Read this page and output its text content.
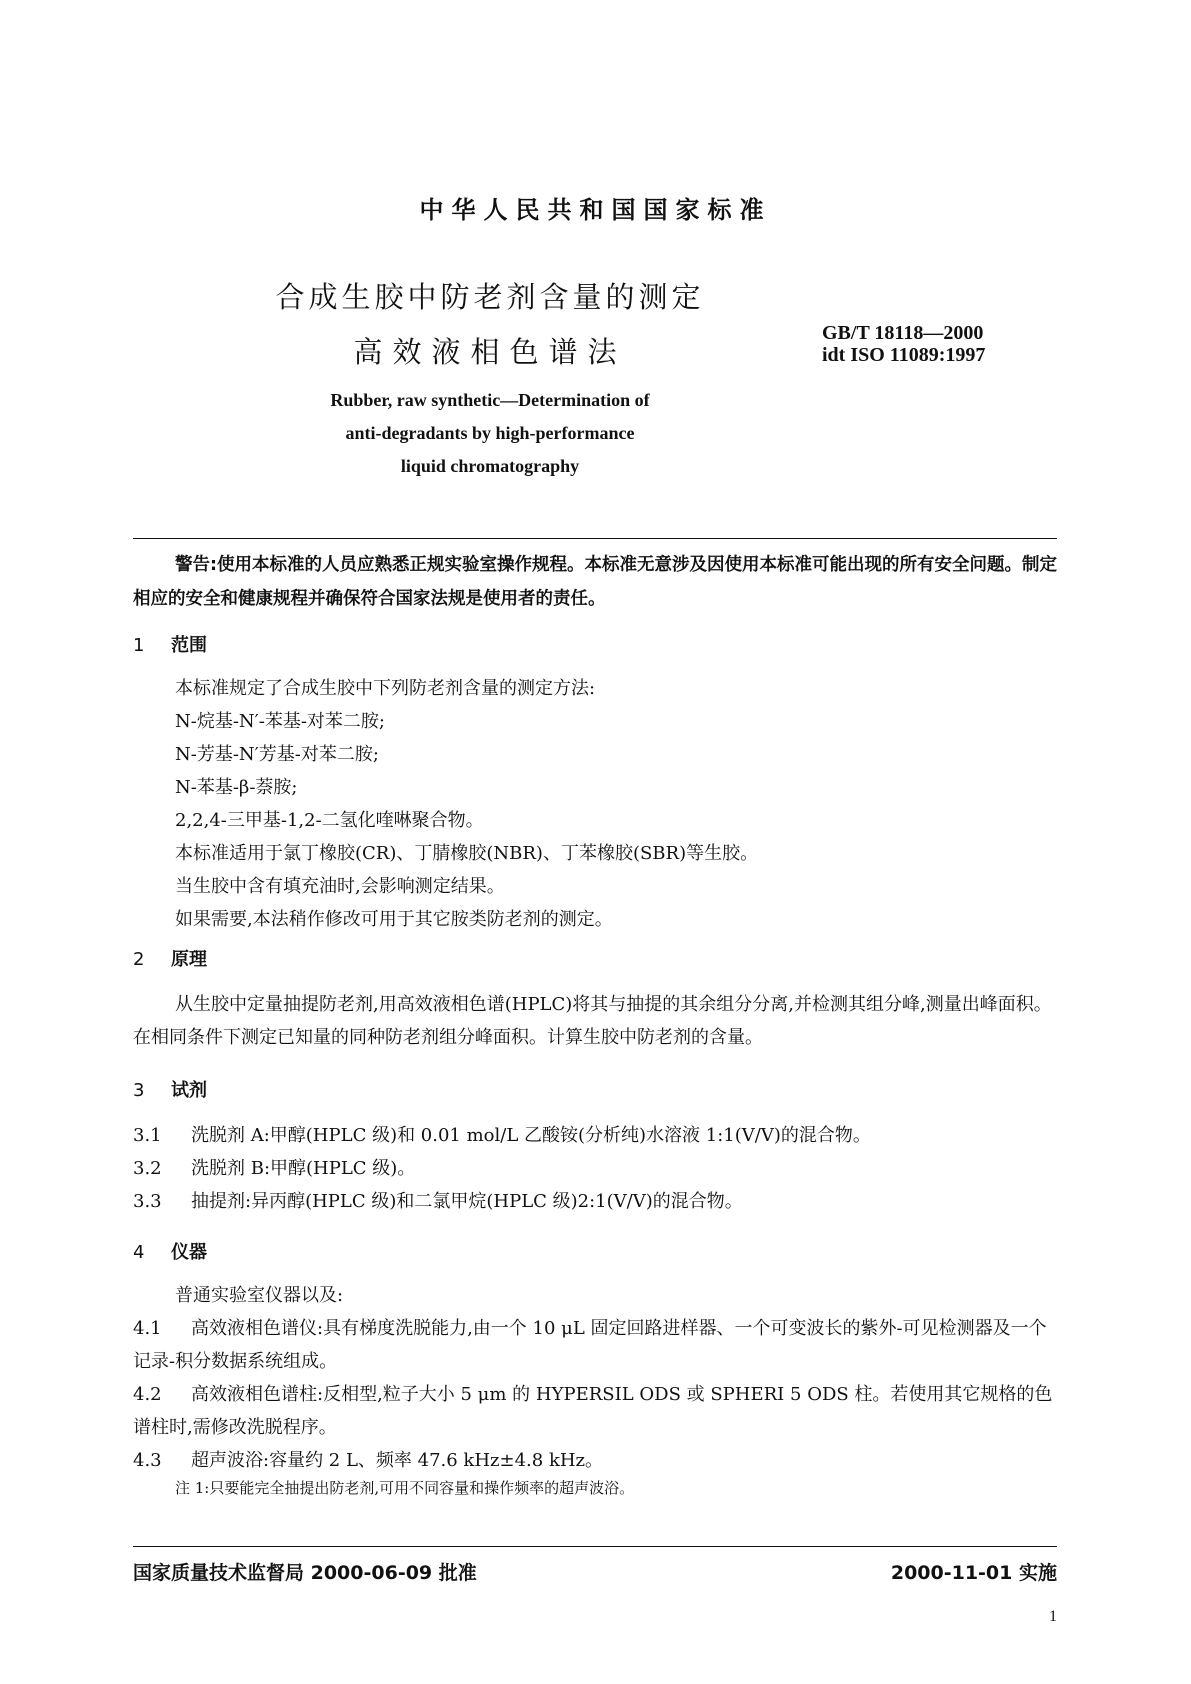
中华人民共和国国家标准
合成生胶中防老剂含量的测定
高效液相色谱法
GB/T 18118—2000
idt ISO 11089:1997
Rubber, raw synthetic—Determination of
anti-degradants by high-performance
liquid chromatography
警告:使用本标准的人员应熟悉正规实验室操作规程。本标准无意涉及因使用本标准可能出现的所有安全问题。制定相应的安全和健康规程并确保符合国家法规是使用者的责任。
1 范围
本标准规定了合成生胶中下列防老剂含量的测定方法:
N-烷基-N′-苯基-对苯二胺;
N-芳基-N′芳基-对苯二胺;
N-苯基-β-萘胺;
2,2,4-三甲基-1,2-二氢化喹啉聚合物。
本标准适用于氯丁橡胶(CR)、丁腈橡胶(NBR)、丁苯橡胶(SBR)等生胶。
当生胶中含有填充油时,会影响测定结果。
如果需要,本法稍作修改可用于其它胺类防老剂的测定。
2 原理
从生胶中定量抽提防老剂,用高效液相色谱(HPLC)将其与抽提的其余组分分离,并检测其组分峰,测量出峰面积。在相同条件下测定已知量的同种防老剂组分峰面积。计算生胶中防老剂的含量。
3 试剂
3.1 洗脱剂 A:甲醇(HPLC 级)和 0.01 mol/L 乙酸铵(分析纯)水溶液 1:1(V/V)的混合物。
3.2 洗脱剂 B:甲醇(HPLC 级)。
3.3 抽提剂:异丙醇(HPLC 级)和二氯甲烷(HPLC 级)2:1(V/V)的混合物。
4 仪器
普通实验室仪器以及:
4.1 高效液相色谱仪:具有梯度洗脱能力,由一个 10 μL 固定回路进样器、一个可变波长的紫外-可见检测器及一个记录-积分数据系统组成。
4.2 高效液相色谱柱:反相型,粒子大小 5 μm 的 HYPERSIL ODS 或 SPHERI 5 ODS 柱。若使用其它规格的色谱柱时,需修改洗脱程序。
4.3 超声波浴:容量约 2 L、频率 47.6 kHz±4.8 kHz。
注 1:只要能完全抽提出防老剂,可用不同容量和操作频率的超声波浴。
国家质量技术监督局 2000-06-09 批准	2000-11-01 实施
1
